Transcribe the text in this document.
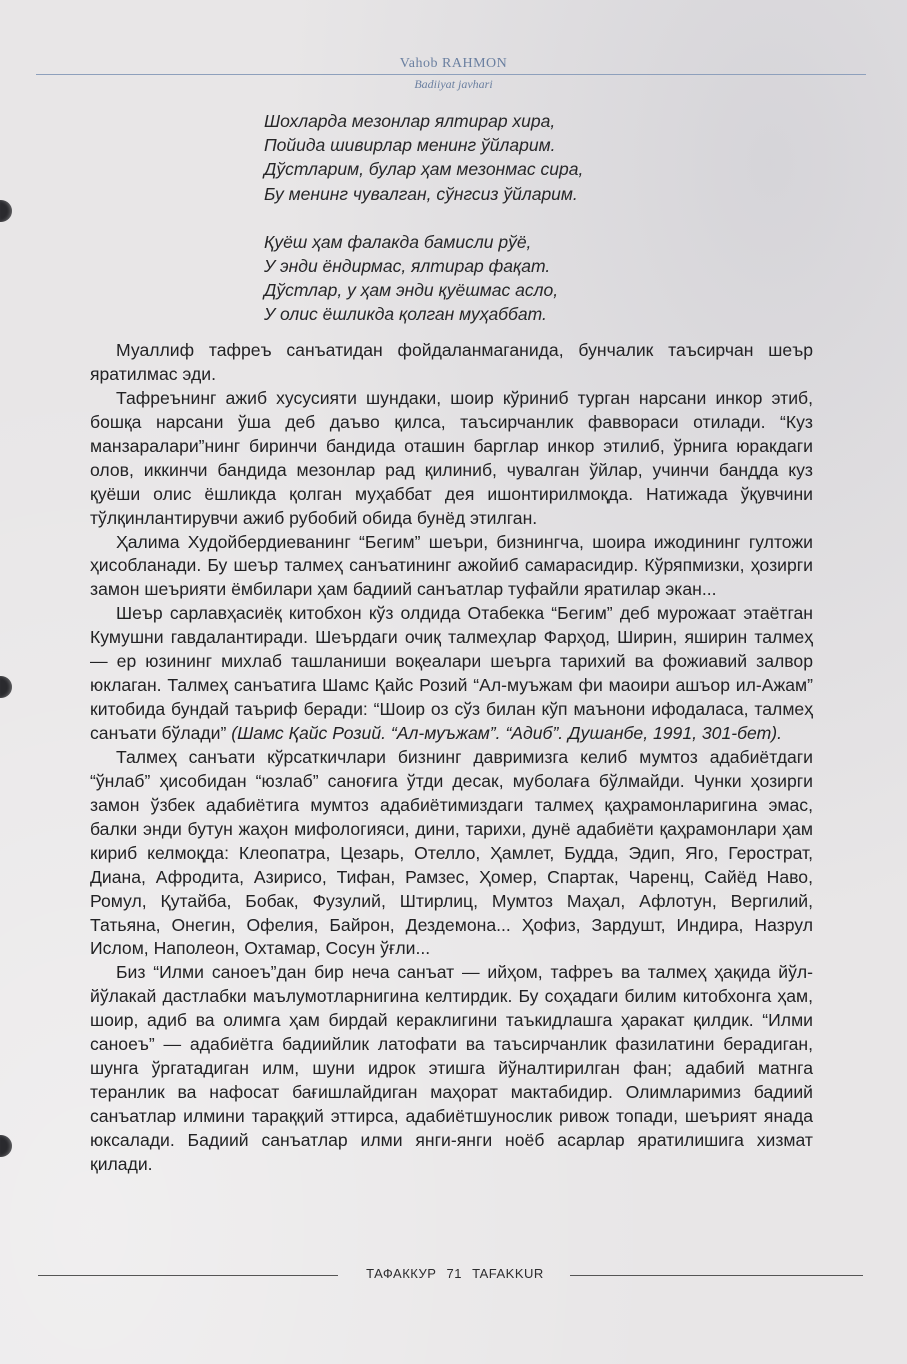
Vahob RAHMON
Badiiyat javhari
Шохларда мезонлар ялтирар хира,
Пойида шивирлар менинг ўйларим.
Дўстларим, булар ҳам мезонмас сира,
Бу менинг чувалган, сўнгсиз ўйларим.
Қуёш ҳам фалакда бамисли рўё,
У энди ёндирмас, ялтирар фақат.
Дўстлар, у ҳам энди қуёшмас асло,
У олис ёшликда қолган муҳаббат.

Муаллиф тафреъ санъатидан фойдаланмаганида, бунчалик таъсирчан шеър яратилмас эди.

Тафреънинг ажиб хусусияти шундаки, шоир кўриниб турган нарсани инкор этиб, бошқа нарсани ўша деб даъво қилса, таъсирчанлик фаввораси отилади. “Куз манзаралари”нинг биринчи бандида оташин барглар инкор этилиб, ўрнига юракдаги олов, иккинчи бандида мезонлар рад қилиниб, чувалган ўйлар, учинчи бандда куз қуёши олис ёшликда қолган муҳаббат дея ишонтирилмоқда. Натижада ўқувчини тўлқинлантирувчи ажиб рубобий обида бунёд этилган.

Ҳалима Худойбердиеванинг “Бегим” шеъри, бизнингча, шоира ижодининг гултожи ҳисобланади. Бу шеър талмеҳ санъатининг ажойиб самарасидир. Кўряпмизки, ҳозирги замон шеърияти ёмбилари ҳам бадиий санъатлар туфайли яратилар экан...

Шеър сарлавҳасиёқ китобхон кўз олдида Отабекка “Бегим” деб мурожаат этаётган Кумушни гавдалантиради. Шеърдаги очиқ талмеҳлар Фарҳод, Ширин, яширин талмеҳ — ер юзининг михлаб ташланиши воқеалари шеърга тарихий ва фожиавий залвор юклаган. Талмеҳ санъатига Шамс Қайс Розий “Ал-муъжам фи маоири ашъор ил-Ажам” китобида бундай таъриф беради: “Шоир оз сўз билан кўп маънони ифодаласа, талмеҳ санъати бўлади” (Шамс Қайс Розий. “Ал-муъжам”. “Адиб”. Душанбе, 1991, 301-бет).

Талмеҳ санъати кўрсаткичлари бизнинг давримизга келиб мумтоз адабиётдаги “ўнлаб” ҳисобидан “юзлаб” саноғига ўтди десак, муболаға бўлмайди. Чунки ҳозирги замон ўзбек адабиётига мумтоз адабиётимиздаги талмеҳ қаҳрамонларигина эмас, балки энди бутун жаҳон мифологияси, дини, тарихи, дунё адабиёти қаҳрамонлари ҳам кириб келмоқда: Клеопатра, Цезарь, Отелло, Ҳамлет, Будда, Эдип, Яго, Герострат, Диана, Афродита, Азирисо, Тифан, Рамзес, Ҳомер, Спартак, Чаренц, Сайёд Наво, Ромул, Қутайба, Бобак, Фузулий, Штирлиц, Мумтоз Маҳал, Афлотун, Вергилий, Татьяна, Онегин, Офелия, Байрон, Дездемона... Ҳофиз, Зардушт, Индира, Назрул Ислом, Наполеон, Охтамар, Сосун ўғли...

Биз “Илми саноеъ”дан бир неча санъат — ийҳом, тафреъ ва талмеҳ ҳақида йўл-йўлакай дастлабки маълумотларнигина келтирдик. Бу соҳадаги билим китобхонга ҳам, шоир, адиб ва олимга ҳам бирдай кераклигини таъкидлашга ҳаракат қилдик. “Илми саноеъ” — адабиётга бадиийлик латофати ва таъсирчанлик фазилатини берадиган, шунга ўргатадиган илм, шуни идрок этишга йўналтирилган фан; адабий матнга теранлик ва нафосат бағишлайдиган маҳорат мактабидир. Олимларимиз бадиий санъатлар илмини тараққий эттирса, адабиётшунослик ривож топади, шеърият янада юксалади. Бадиий санъатлар илми янги-янги ноёб асарлар яратилишига хизмат қилади.

ТАФАККУР 71 TAFAKKUR
